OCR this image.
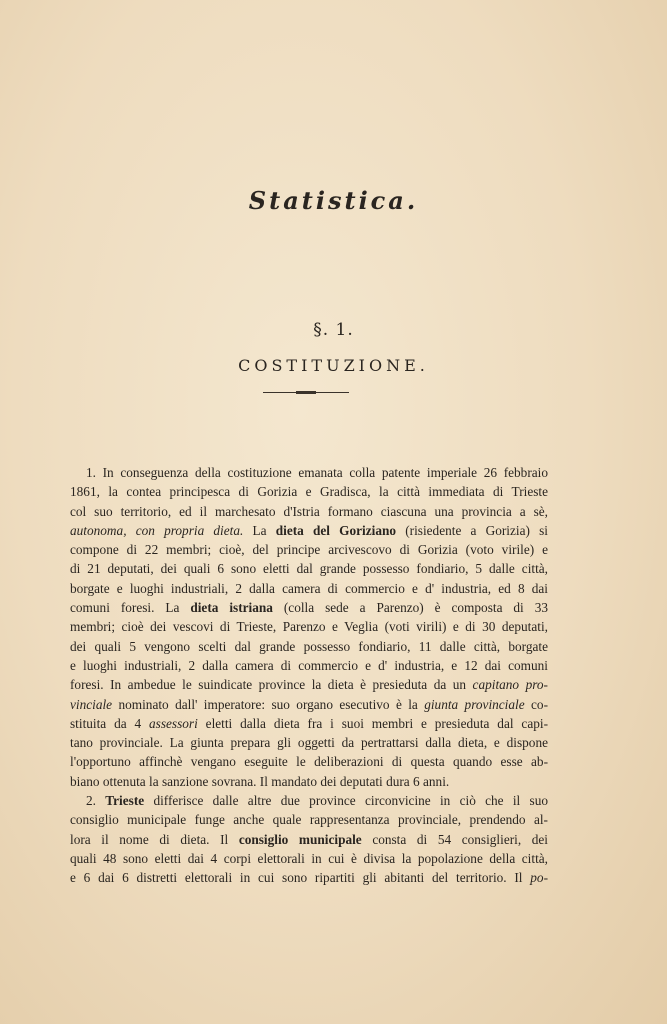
Statistica.
§. 1.
COSTITUZIONE.
1. In conseguenza della costituzione emanata colla patente imperiale 26 febbraio
1861, la contea principesca di Gorizia e Gradisca, la città immediata di Trieste
col suo territorio, ed il marchesato d'Istria formano ciascuna una provincia a sè,
autonoma, con propria dieta. La dieta del Goriziano (risiedente a Gorizia) si
compone di 22 membri; cioè, del principe arcivescovo di Gorizia (voto virile) e
di 21 deputati, dei quali 6 sono eletti dal grande possesso fondiario, 5 dalle città,
borgate e luoghi industriali, 2 dalla camera di commercio e d' industria, ed 8 dai
comuni foresi. La dieta istriana (colla sede a Parenzo) è composta di 33
membri; cioè dei vescovi di Trieste, Parenzo e Veglia (voti virili) e di 30 deputati,
dei quali 5 vengono scelti dal grande possesso fondiario, 11 dalle città, borgate
e luoghi industriali, 2 dalla camera di commercio e d' industria, e 12 dai comuni
foresi. In ambedue le suindicate province la dieta è presieduta da un capitano pro-
vinciale nominato dall' imperatore: suo organo esecutivo è la giunta provinciale co-
stituita da 4 assessori eletti dalla dieta fra i suoi membri e presieduta dal capi-
tano provinciale. La giunta prepara gli oggetti da pertrattarsi dalla dieta, e dispone
l'opportuno affinchè vengano eseguite le deliberazioni di questa quando esse ab-
biano ottenuta la sanzione sovrana. Il mandato dei deputati dura 6 anni.
2. Trieste differisce dalle altre due province circonvicine in ciò che il suo
consiglio municipale funge anche quale rappresentanza provinciale, prendendo al-
lora il nome di dieta. Il consiglio municipale consta di 54 consiglieri, dei
quali 48 sono eletti dai 4 corpi elettorali in cui è divisa la popolazione della città,
e 6 dai 6 distretti elettorali in cui sono ripartiti gli abitanti del territorio. Il po-
